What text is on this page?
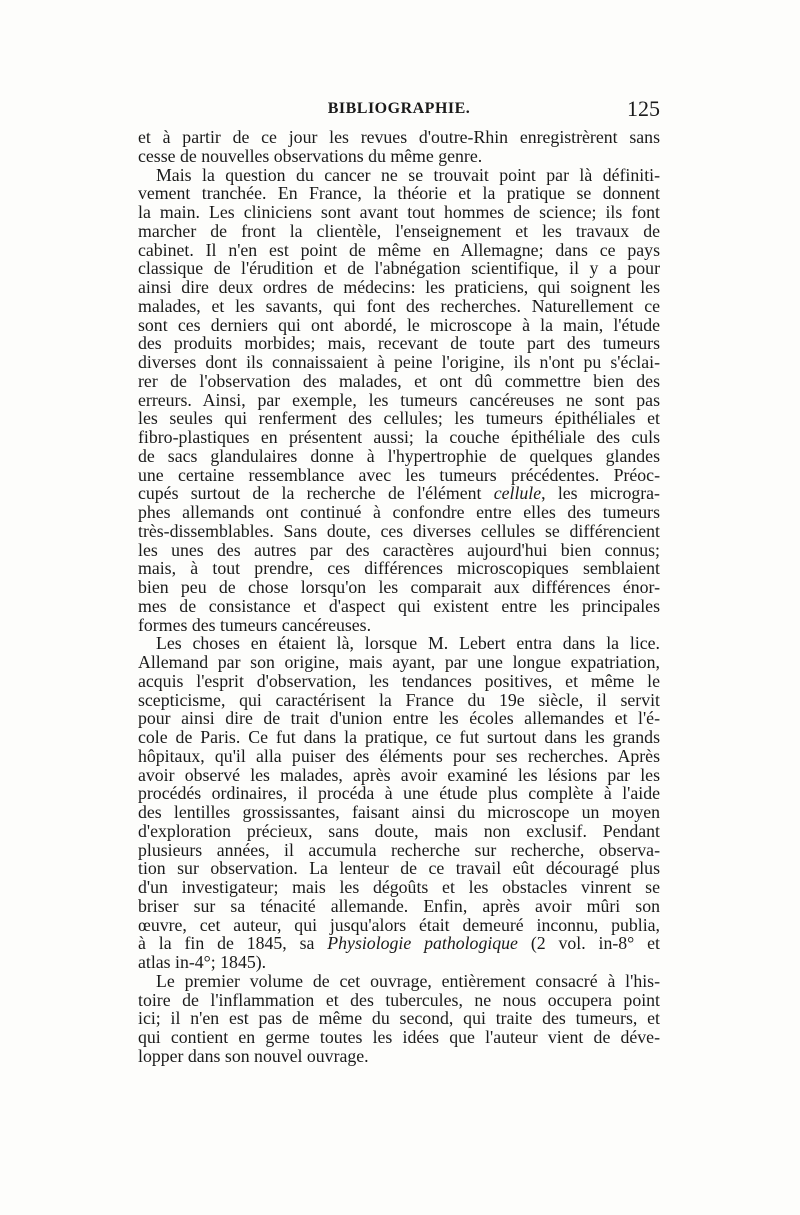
BIBLIOGRAPHIE.	125
et à partir de ce jour les revues d'outre-Rhin enregistrèrent sans
cesse de nouvelles observations du même genre.
Mais la question du cancer ne se trouvait point par là définiti-
vement tranchée. En France, la théorie et la pratique se donnent
la main. Les cliniciens sont avant tout hommes de science; ils font
marcher de front la clientèle, l'enseignement et les travaux de
cabinet. Il n'en est point de même en Allemagne; dans ce pays
classique de l'érudition et de l'abnégation scientifique, il y a pour
ainsi dire deux ordres de médecins: les praticiens, qui soignent les
malades, et les savants, qui font des recherches. Naturellement ce
sont ces derniers qui ont abordé, le microscope à la main, l'étude
des produits morbides; mais, recevant de toute part des tumeurs
diverses dont ils connaissaient à peine l'origine, ils n'ont pu s'éclai-
rer de l'observation des malades, et ont dû commettre bien des
erreurs. Ainsi, par exemple, les tumeurs cancéreuses ne sont pas
les seules qui renferment des cellules; les tumeurs épithéliales et
fibro-plastiques en présentent aussi; la couche épithéliale des culs
de sacs glandulaires donne à l'hypertrophie de quelques glandes
une certaine ressemblance avec les tumeurs précédentes. Préoc-
cupés surtout de la recherche de l'élément cellule, les microgra-
phes allemands ont continué à confondre entre elles des tumeurs
très-dissemblables. Sans doute, ces diverses cellules se différencient
les unes des autres par des caractères aujourd'hui bien connus;
mais, à tout prendre, ces différences microscopiques semblaient
bien peu de chose lorsqu'on les comparait aux différences énor-
mes de consistance et d'aspect qui existent entre les principales
formes des tumeurs cancéreuses.
Les choses en étaient là, lorsque M. Lebert entra dans la lice.
Allemand par son origine, mais ayant, par une longue expatriation,
acquis l'esprit d'observation, les tendances positives, et même le
scepticisme, qui caractérisent la France du 19e siècle, il servit
pour ainsi dire de trait d'union entre les écoles allemandes et l'é-
cole de Paris. Ce fut dans la pratique, ce fut surtout dans les grands
hôpitaux, qu'il alla puiser des éléments pour ses recherches. Après
avoir observé les malades, après avoir examiné les lésions par les
procédés ordinaires, il procéda à une étude plus complète à l'aide
des lentilles grossissantes, faisant ainsi du microscope un moyen
d'exploration précieux, sans doute, mais non exclusif. Pendant
plusieurs années, il accumula recherche sur recherche, observa-
tion sur observation. La lenteur de ce travail eût découragé plus
d'un investigateur; mais les dégoûts et les obstacles vinrent se
briser sur sa ténacité allemande. Enfin, après avoir mûri son
œuvre, cet auteur, qui jusqu'alors était demeuré inconnu, publia,
à la fin de 1845, sa Physiologie pathologique (2 vol. in-8° et
atlas in-4°; 1845).
Le premier volume de cet ouvrage, entièrement consacré à l'his-
toire de l'inflammation et des tubercules, ne nous occupera point
ici; il n'en est pas de même du second, qui traite des tumeurs, et
qui contient en germe toutes les idées que l'auteur vient de déve-
lopper dans son nouvel ouvrage.
